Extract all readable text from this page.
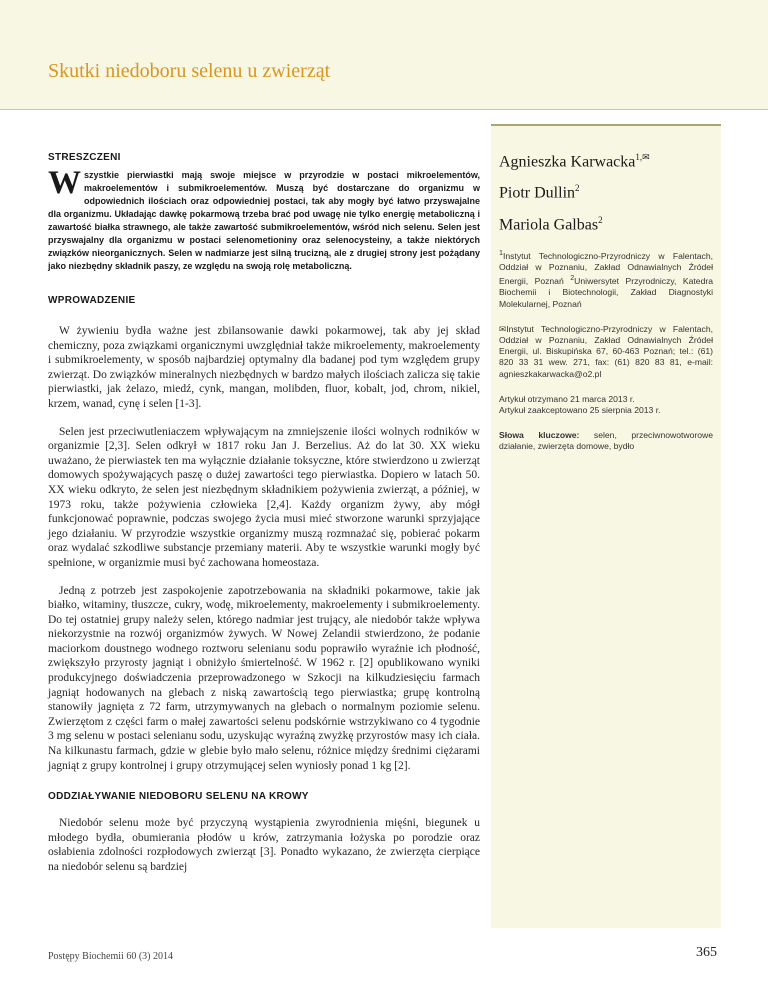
Skutki niedoboru selenu u zwierząt
Agnieszka Karwacka$^{1,✉}$
Piotr Dullin$^2$
Mariola Galbas$^2$

$^1$Instytut Technologiczno-Przyrodniczy w Falentach, Oddział w Poznaniu, Zakład Odnawialnych Źródeł Energii, Poznań $^2$Uniwersytet Przyrodniczy, Katedra Biochemii i Biotechnologii, Zakład Diagnostyki Molekularnej, Poznań

✉Instytut Technologiczno-Przyrodniczy w Falentach, Oddział w Poznaniu, Zakład Odnawialnych Źródeł Energii, ul. Biskupińska 67, 60-463 Poznań; tel.: (61) 820 33 31 wew. 271, fax: (61) 820 83 81, e-mail: agnieszkakarwacka@o2.pl

Artykuł otrzymano 21 marca 2013 r.

Artykuł zaakceptowano 25 sierpnia 2013 r.

Słowa kluczowe: selen, przeciwnowotworowe działanie, zwierzęta domowe, bydło

STRESZCZENI

Wszystkie pierwiastki mają swoje miejsce w przyrodzie w postaci mikroelementów, makroelementów i submikroelementów. Muszą być dostarczane do organizmu w odpowiednich ilościach oraz odpowiedniej postaci, tak aby mogły być łatwo przyswajalne dla organizmu. Układając dawkę pokarmową trzeba brać pod uwagę nie tylko energię metaboliczną i zawartość białka strawnego, ale także zawartość submikroelementów, wśród nich selenu. Selen jest przyswajalny dla organizmu w postaci selenometioniny oraz selenocysteiny, a także niektórych związków nieorganicznych. Selen w nadmiarze jest silną trucizną, ale z drugiej strony jest pożądany jako niezbędny składnik paszy, ze względu na swoją rolę metaboliczną.

WPROWADZENIE

W żywieniu bydła ważne jest zbilansowanie dawki pokarmowej, tak aby jej skład chemiczny, poza związkami organicznymi uwzględniał także mikroelementy, makroelementy i submikroelementy, w sposób najbardziej optymalny dla badanej pod tym względem grupy zwierząt. Do związków mineralnych niezbędnych w bardzo małych ilościach zalicza się takie pierwiastki, jak żelazo, miedź, cynk, mangan, molibden, fluor, kobalt, jod, chrom, nikiel, krzem, wanad, cynę i selen [1-3].

Selen jest przeciwutleniaczem wpływającym na zmniejszenie ilości wolnych rodników w organizmie [2,3]. Selen odkrył w 1817 roku Jan J. Berzelius. Aż do lat 30. XX wieku uważano, że pierwiastek ten ma wyłącznie działanie toksyczne, które stwierdzono u zwierząt domowych spożywających paszę o dużej zawartości tego pierwiastka. Dopiero w latach 50. XX wieku odkryto, że selen jest niezbędnym składnikiem pożywienia zwierząt, a później, w 1973 roku, także pożywienia człowieka [2,4]. Każdy organizm żywy, aby mógł funkcjonować poprawnie, podczas swojego życia musi mieć stworzone warunki sprzyjające jego działaniu. W przyrodzie wszystkie organizmy muszą rozmnażać się, pobierać pokarm oraz wydalać szkodliwe substancje przemiany materii. Aby te wszystkie warunki mogły być spełnione, w organizmie musi być zachowana homeostaza.

Jedną z potrzeb jest zaspokojenie zapotrzebowania na składniki pokarmowe, takie jak białko, witaminy, tłuszcze, cukry, wodę, mikroelementy, makroelementy i submikroelementy. Do tej ostatniej grupy należy selen, którego nadmiar jest trujący, ale niedobór także wpływa niekorzystnie na rozwój organizmów żywych. W Nowej Zelandii stwierdzono, że podanie maciorkom doustnego wodnego roztworu selenianu sodu poprawiło wyraźnie ich płodność, zwiększyło przyrosty jagniąt i obniżyło śmiertelność. W 1962 r. [2] opublikowano wyniki produkcyjnego doświadczenia przeprowadzonego w Szkocji na kilkudziesięciu farmach jagniąt hodowanych na glebach z niską zawartością tego pierwiastka; grupę kontrolną stanowiły jagnięta z 72 farm, utrzymywanych na glebach o normalnym poziomie selenu. Zwierzętom z części farm o małej zawartości selenu podskórnie wstrzykiwano co 4 tygodnie 3 mg selenu w postaci selenianu sodu, uzyskując wyraźną zwyżkę przyrostów masy ich ciała. Na kilkunastu farmach, gdzie w glebie było mało selenu, różnice między średnimi ciężarami jagniąt z grupy kontrolnej i grupy otrzymującej selen wyniosły ponad 1 kg [2].

ODDZIAŁYWANIE NIEDOBORU SELENU NA KROWY

Niedobór selenu może być przyczyną wystąpienia zwyrodnienia mięśni, biegunek u młodego bydła, obumierania płodów u krów, zatrzymania łożyska po porodzie oraz osłabienia zdolności rozpłodowych zwierząt [3]. Ponadto wykazano, że zwierzęta cierpiące na niedobór selenu są bardziej

Postępy Biochemii 60 (3) 2014	365
